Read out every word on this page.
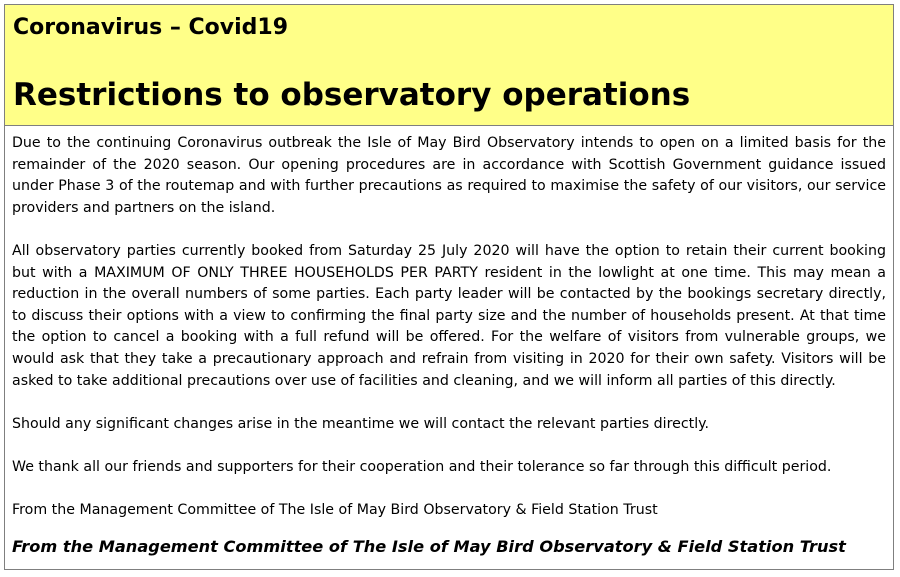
Coronavirus – Covid19
Restrictions to observatory operations

Due to the continuing Coronavirus outbreak the Isle of May Bird Observatory intends to open on a limited basis for the remainder of the 2020 season. Our opening procedures are in accordance with Scottish Government guidance issued under Phase 3 of the routemap and with further precautions as required to maximise the safety of our visitors, our service providers and partners on the island.

All observatory parties currently booked from Saturday 25 July 2020 will have the option to retain their current booking but with a MAXIMUM OF ONLY THREE HOUSEHOLDS PER PARTY resident in the lowlight at one time. This may mean a reduction in the overall numbers of some parties. Each party leader will be contacted by the bookings secretary directly, to discuss their options with a view to confirming the final party size and the number of households present. At that time the option to cancel a booking with a full refund will be offered. For the welfare of visitors from vulnerable groups, we would ask that they take a precautionary approach and refrain from visiting in 2020 for their own safety. Visitors will be asked to take additional precautions over use of facilities and cleaning, and we will inform all parties of this directly.

Should any significant changes arise in the meantime we will contact the relevant parties directly.

We thank all our friends and supporters for their cooperation and their tolerance so far through this difficult period.

From the Management Committee of The Isle of May Bird Observatory & Field Station Trust

From the Management Committee of The Isle of May Bird Observatory & Field Station Trust
